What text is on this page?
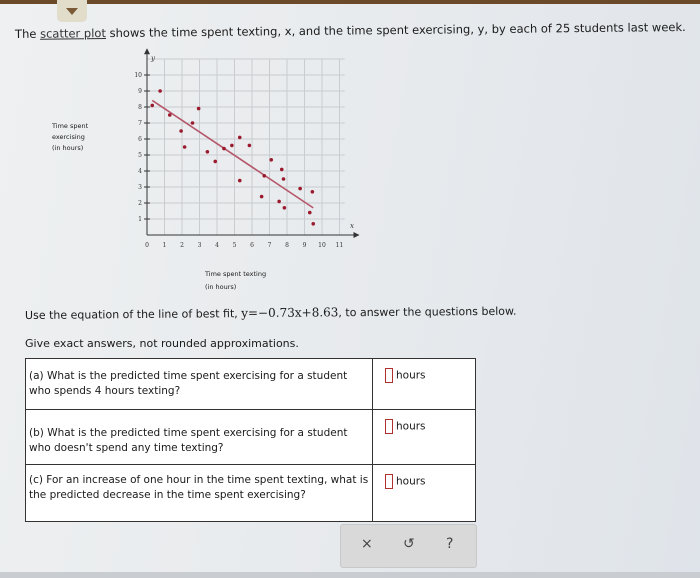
The scatter plot shows the time spent texting, x, and the time spent exercising, y, by each of 25 students last week.
Time spent
exercising
(in hours)
Time spent texting
(in hours)
0 1 2 3 4 5 6 7 8 9 10 11
1
2
3
4
5
6
7
8
9
10
x
y
Use the equation of the line of best fit, y=−0.73x+8.63, to answer the questions below.
Give exact answers, not rounded approximations.
(a) What is the predicted time spent exercising for a student who spends 4 hours texting?	hours
(b) What is the predicted time spent exercising for a student who doesn't spend any time texting?	hours
(c) For an increase of one hour in the time spent texting, what is the predicted decrease in the time spent exercising?	hours
× ↺ ?
